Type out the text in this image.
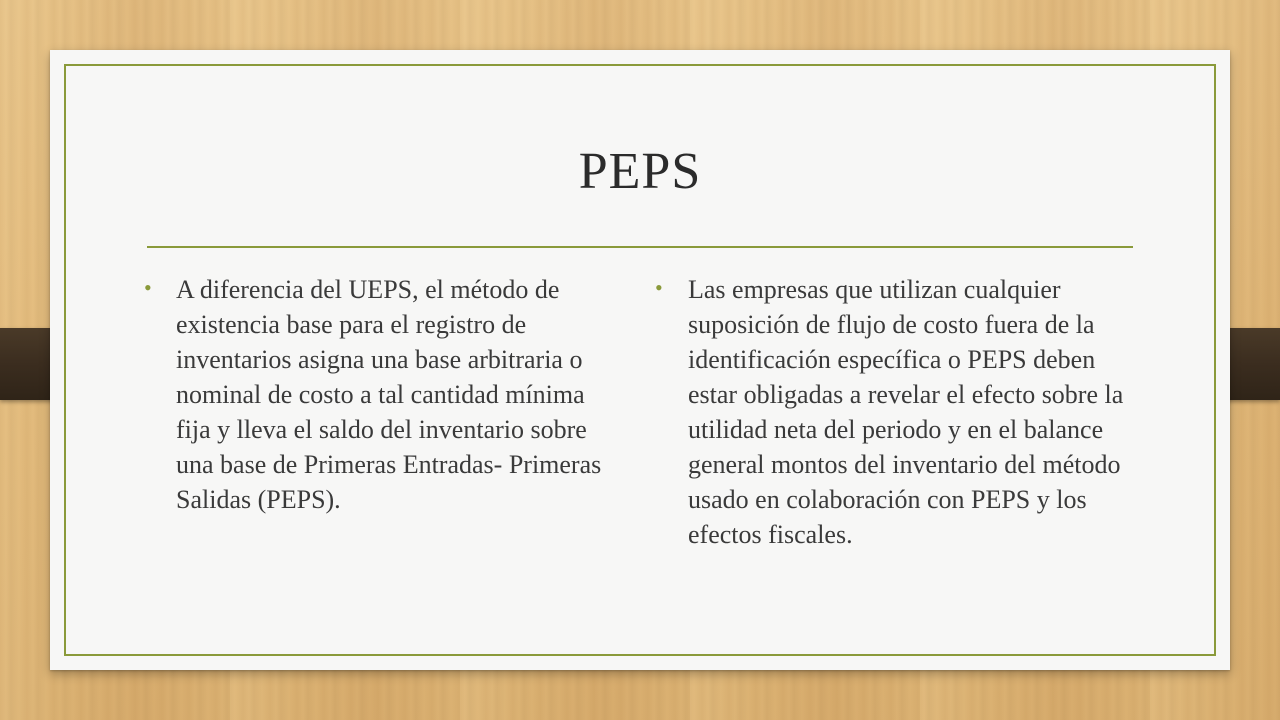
PEPS
• A diferencia del UEPS, el método de existencia base para el registro de inventarios asigna una base arbitraria o nominal de costo a tal cantidad mínima fija y lleva el saldo del inventario sobre una base de Primeras Entradas- Primeras Salidas (PEPS).
• Las empresas que utilizan cualquier suposición de flujo de costo fuera de la identificación específica o PEPS deben estar obligadas a revelar el efecto sobre la utilidad neta del periodo y en el balance general montos del inventario del método usado en colaboración con PEPS y los efectos fiscales.
